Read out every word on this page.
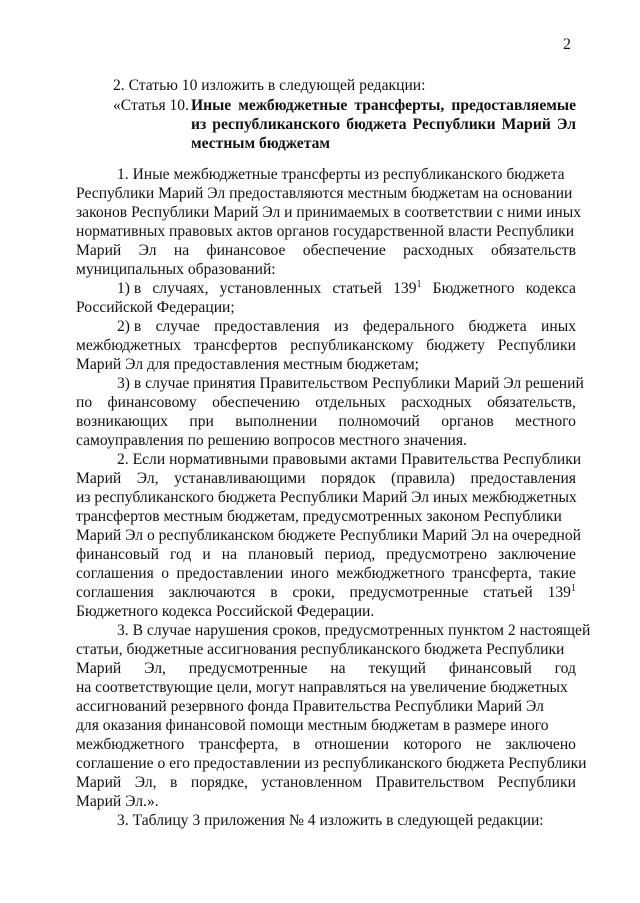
2
2. Статью 10 изложить в следующей редакции:
«Статья 10. Иные межбюджетные трансферты, предоставляемые
из республиканского бюджета Республики Марий Эл
местным бюджетам
1. Иные межбюджетные трансферты из республиканского бюджета
Республики Марий Эл предоставляются местным бюджетам на основании
законов Республики Марий Эл и принимаемых в соответствии с ними иных
нормативных правовых актов органов государственной власти Республики
Марий Эл на финансовое обеспечение расходных обязательств
муниципальных образований:
1) в случаях, установленных статьей $139^1$ Бюджетного кодекса
Российской Федерации;
2) в случае предоставления из федерального бюджета иных
межбюджетных трансфертов республиканскому бюджету Республики
Марий Эл для предоставления местным бюджетам;
3) в случае принятия Правительством Республики Марий Эл решений
по финансовому обеспечению отдельных расходных обязательств,
возникающих при выполнении полномочий органов местного
самоуправления по решению вопросов местного значения.
2. Если нормативными правовыми актами Правительства Республики
Марий Эл, устанавливающими порядок (правила) предоставления
из республиканского бюджета Республики Марий Эл иных межбюджетных
трансфертов местным бюджетам, предусмотренных законом Республики
Марий Эл о республиканском бюджете Республики Марий Эл на очередной
финансовый год и на плановый период, предусмотрено заключение
соглашения о предоставлении иного межбюджетного трансферта, такие
соглашения заключаются в сроки, предусмотренные статьей $139^1$
Бюджетного кодекса Российской Федерации.
3. В случае нарушения сроков, предусмотренных пунктом 2 настоящей
статьи, бюджетные ассигнования республиканского бюджета Республики
Марий Эл, предусмотренные на текущий финансовый год
на соответствующие цели, могут направляться на увеличение бюджетных
ассигнований резервного фонда Правительства Республики Марий Эл
для оказания финансовой помощи местным бюджетам в размере иного
межбюджетного трансферта, в отношении которого не заключено
соглашение о его предоставлении из республиканского бюджета Республики
Марий Эл, в порядке, установленном Правительством Республики
Марий Эл.».
3. Таблицу 3 приложения № 4 изложить в следующей редакции:
